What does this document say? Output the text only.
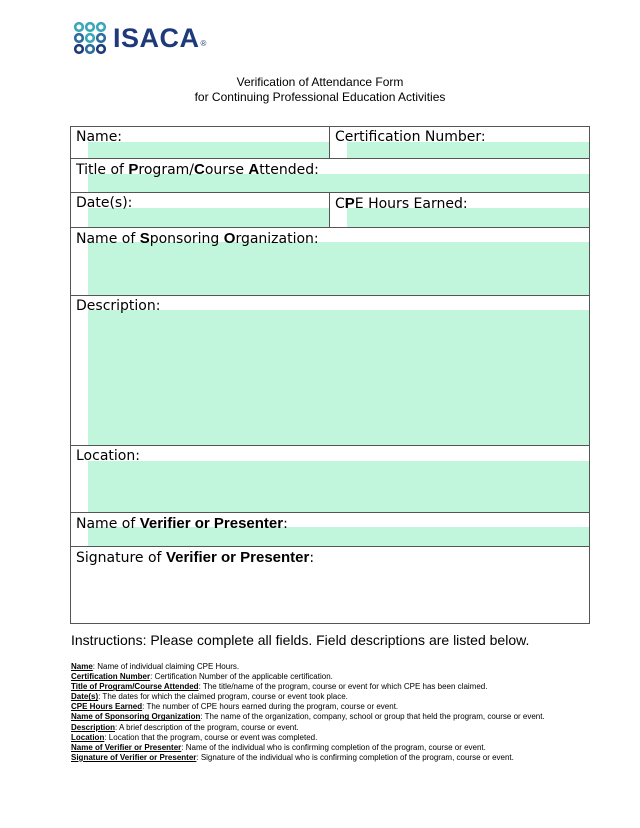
ISACA ®
Verification of Attendance Form
for Continuing Professional Education Activities
Name:	Certification Number:
Title of Program/Course Attended:
Date(s):	CPE Hours Earned:
Name of Sponsoring Organization:
Description:
Location:
Name of Verifier or Presenter:
Signature of Verifier or Presenter:
Instructions: Please complete all fields. Field descriptions are listed below.
Name: Name of individual claiming CPE Hours.
Certification Number: Certification Number of the applicable certification.
Title of Program/Course Attended: The title/name of the program, course or event for which CPE has been claimed.
Date(s): The dates for which the claimed program, course or event took place.
CPE Hours Earned: The number of CPE hours earned during the program, course or event.
Name of Sponsoring Organization: The name of the organization, company, school or group that held the program, course or event.
Description: A brief description of the program, course or event.
Location: Location that the program, course or event was completed.
Name of Verifier or Presenter: Name of the individual who is confirming completion of the program, course or event.
Signature of Verifier or Presenter: Signature of the individual who is confirming completion of the program, course or event.
